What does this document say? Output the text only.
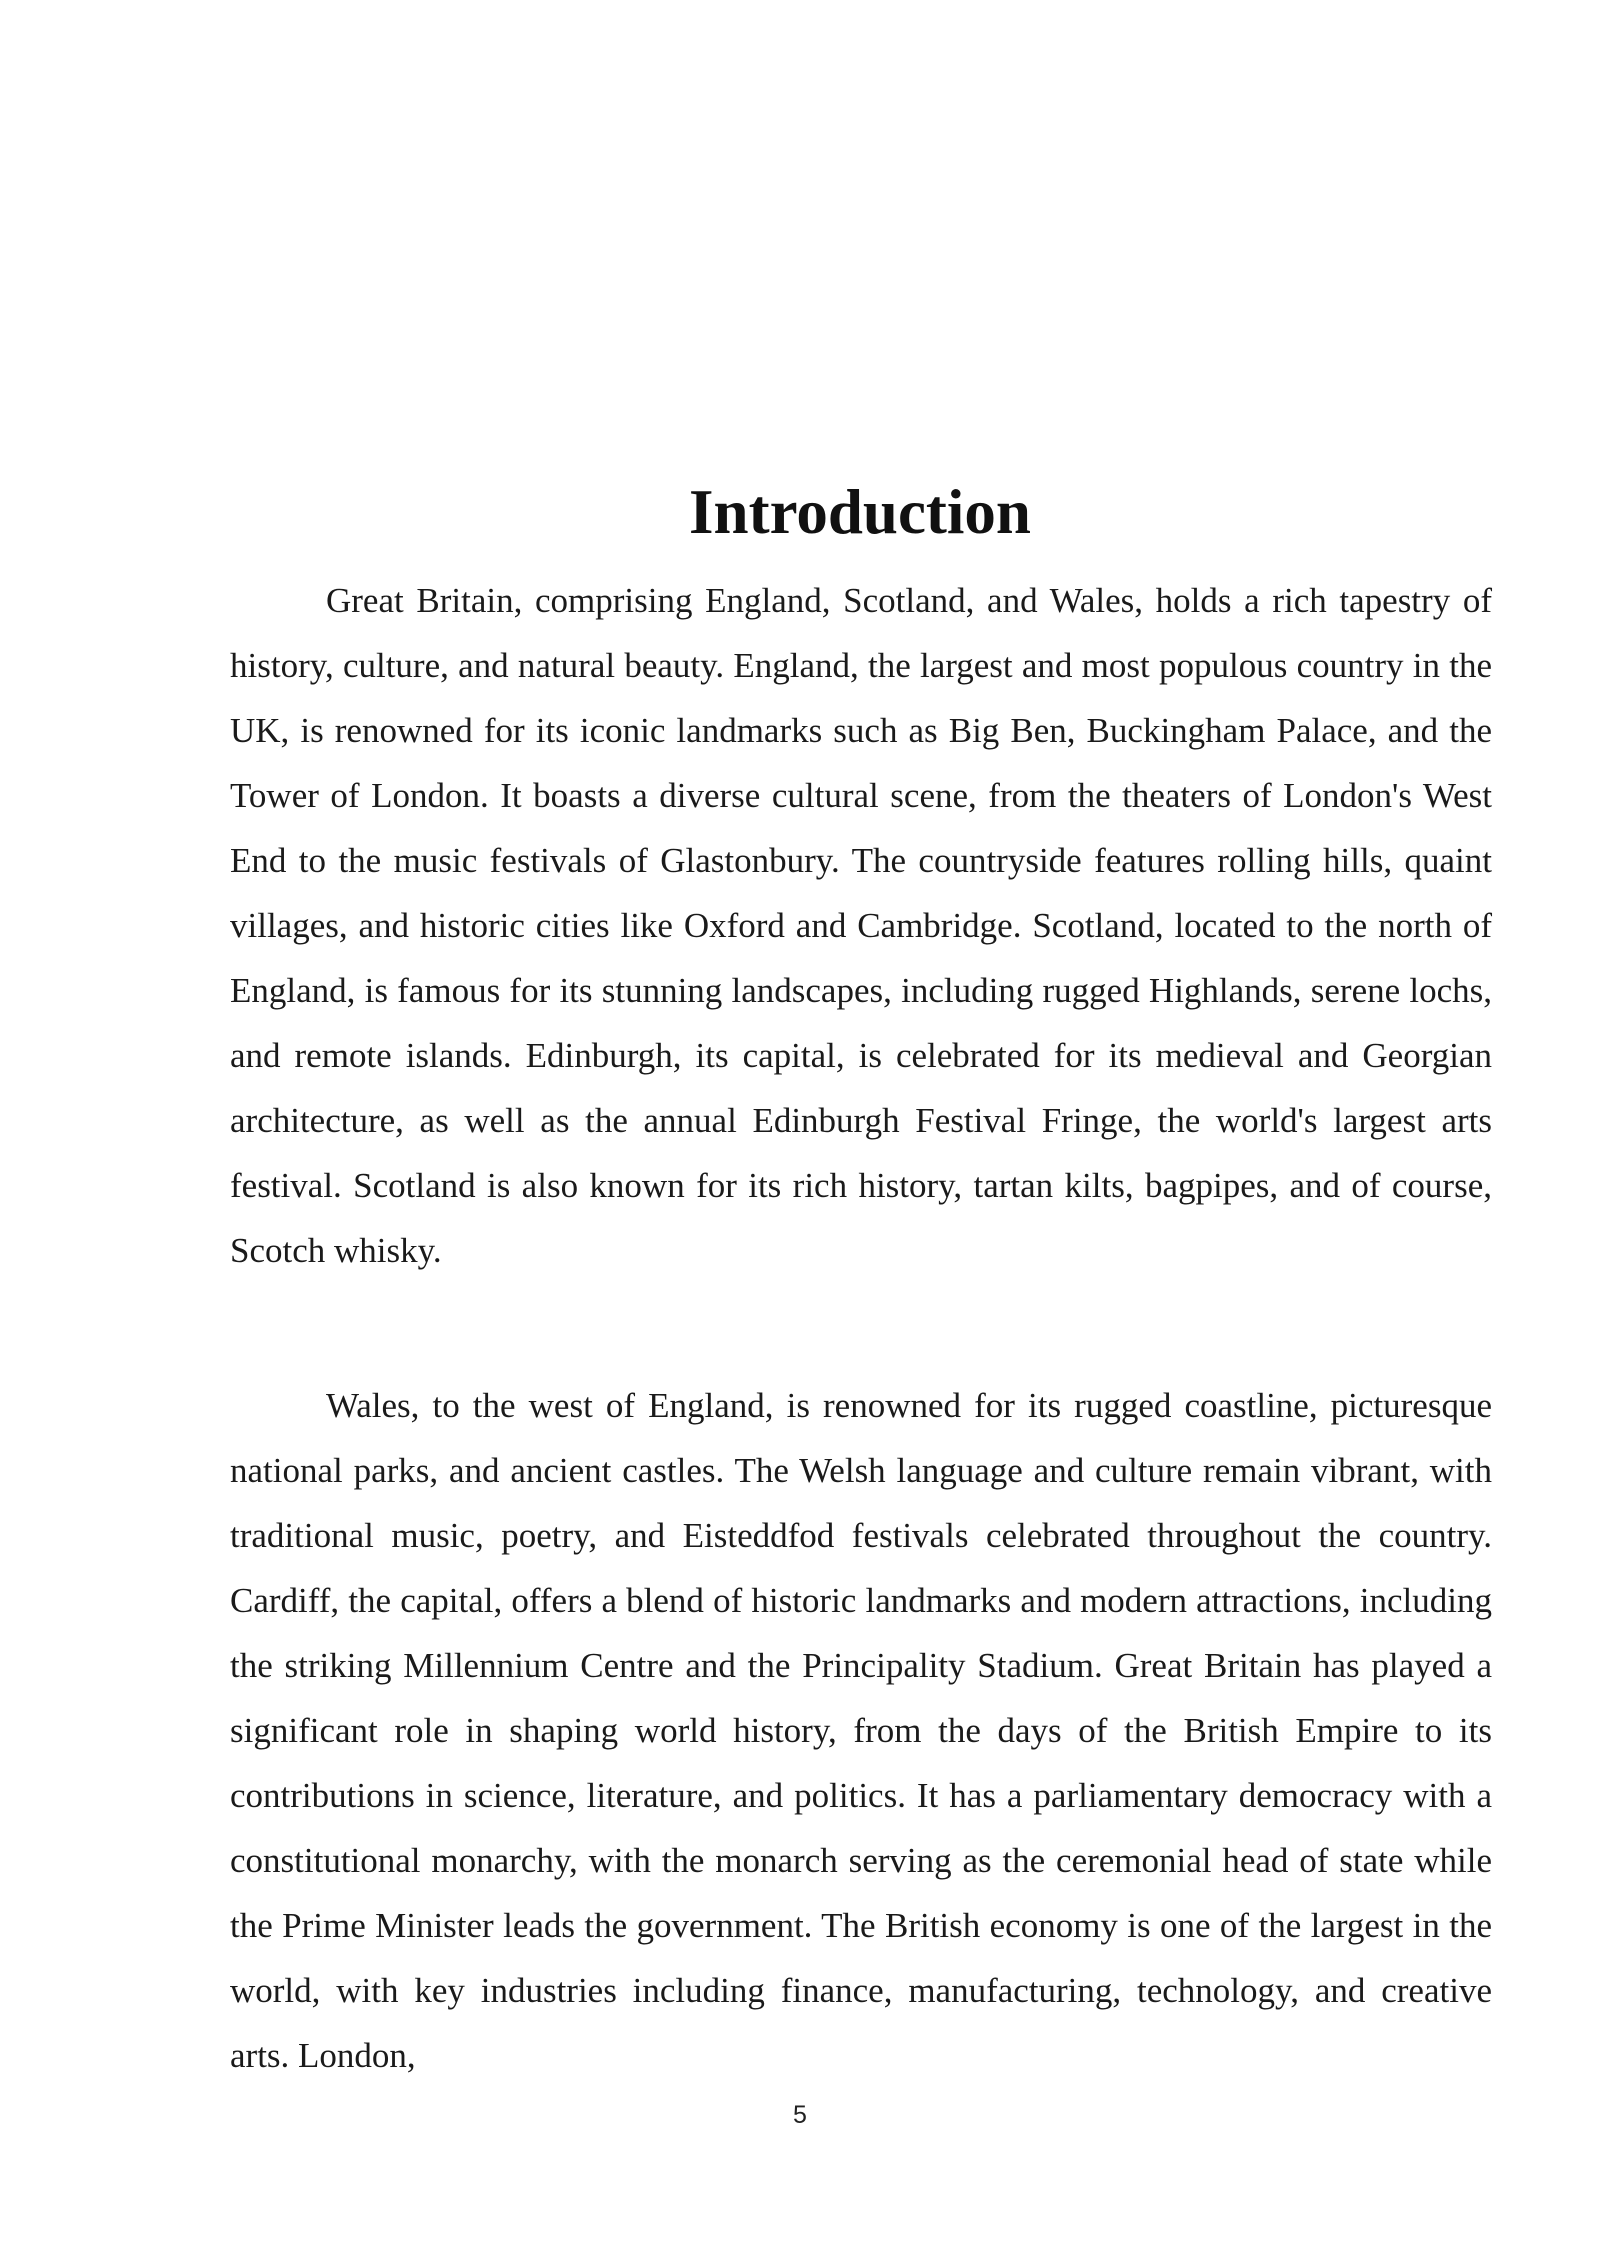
Introduction

Great Britain, comprising England, Scotland, and Wales, holds a rich tapestry of history, culture, and natural beauty. England, the largest and most populous country in the UK, is renowned for its iconic landmarks such as Big Ben, Buckingham Palace, and the Tower of London. It boasts a diverse cultural scene, from the theaters of London's West End to the music festivals of Glastonbury. The countryside features rolling hills, quaint villages, and historic cities like Oxford and Cambridge. Scotland, located to the north of England, is famous for its stunning landscapes, including rugged Highlands, serene lochs, and remote islands. Edinburgh, its capital, is celebrated for its medieval and Georgian architecture, as well as the annual Edinburgh Festival Fringe, the world's largest arts festival. Scotland is also known for its rich history, tartan kilts, bagpipes, and of course, Scotch whisky.

Wales, to the west of England, is renowned for its rugged coastline, picturesque national parks, and ancient castles. The Welsh language and culture remain vibrant, with traditional music, poetry, and Eisteddfod festivals celebrated throughout the country. Cardiff, the capital, offers a blend of historic landmarks and modern attractions, including the striking Millennium Centre and the Principality Stadium. Great Britain has played a significant role in shaping world history, from the days of the British Empire to its contributions in science, literature, and politics. It has a parliamentary democracy with a constitutional monarchy, with the monarch serving as the ceremonial head of state while the Prime Minister leads the government. The British economy is one of the largest in the world, with key industries including finance, manufacturing, technology, and creative arts. London,

5
